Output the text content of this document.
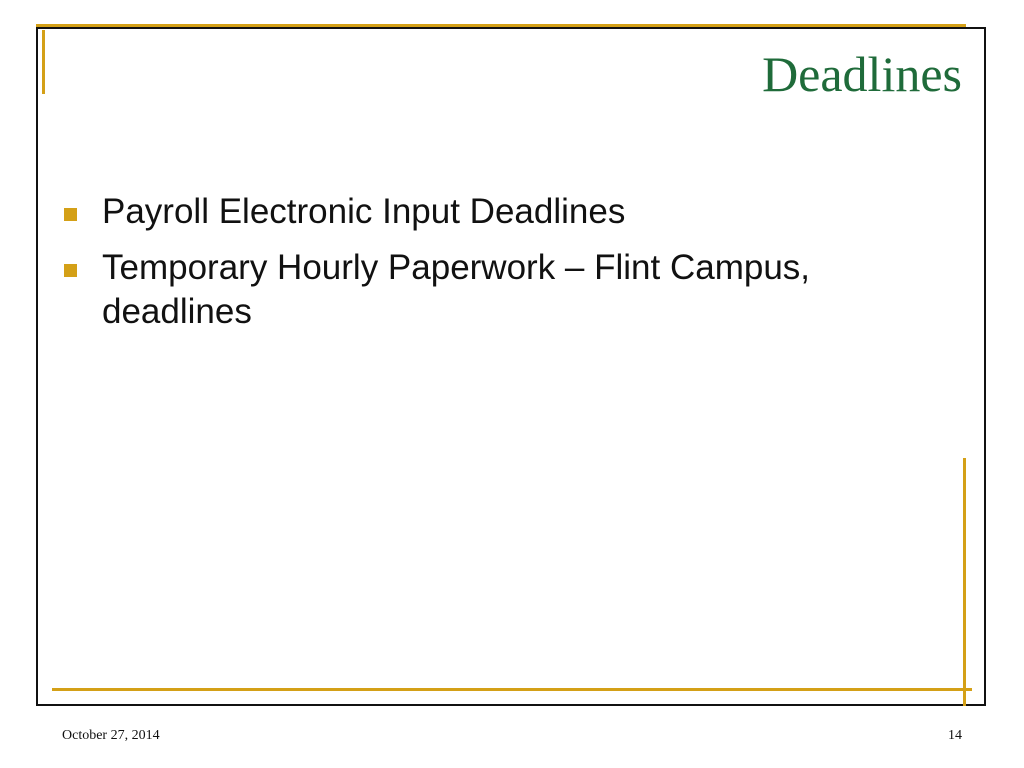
Deadlines
Payroll Electronic Input Deadlines
Temporary Hourly Paperwork – Flint Campus, deadlines
October 27, 2014	14
